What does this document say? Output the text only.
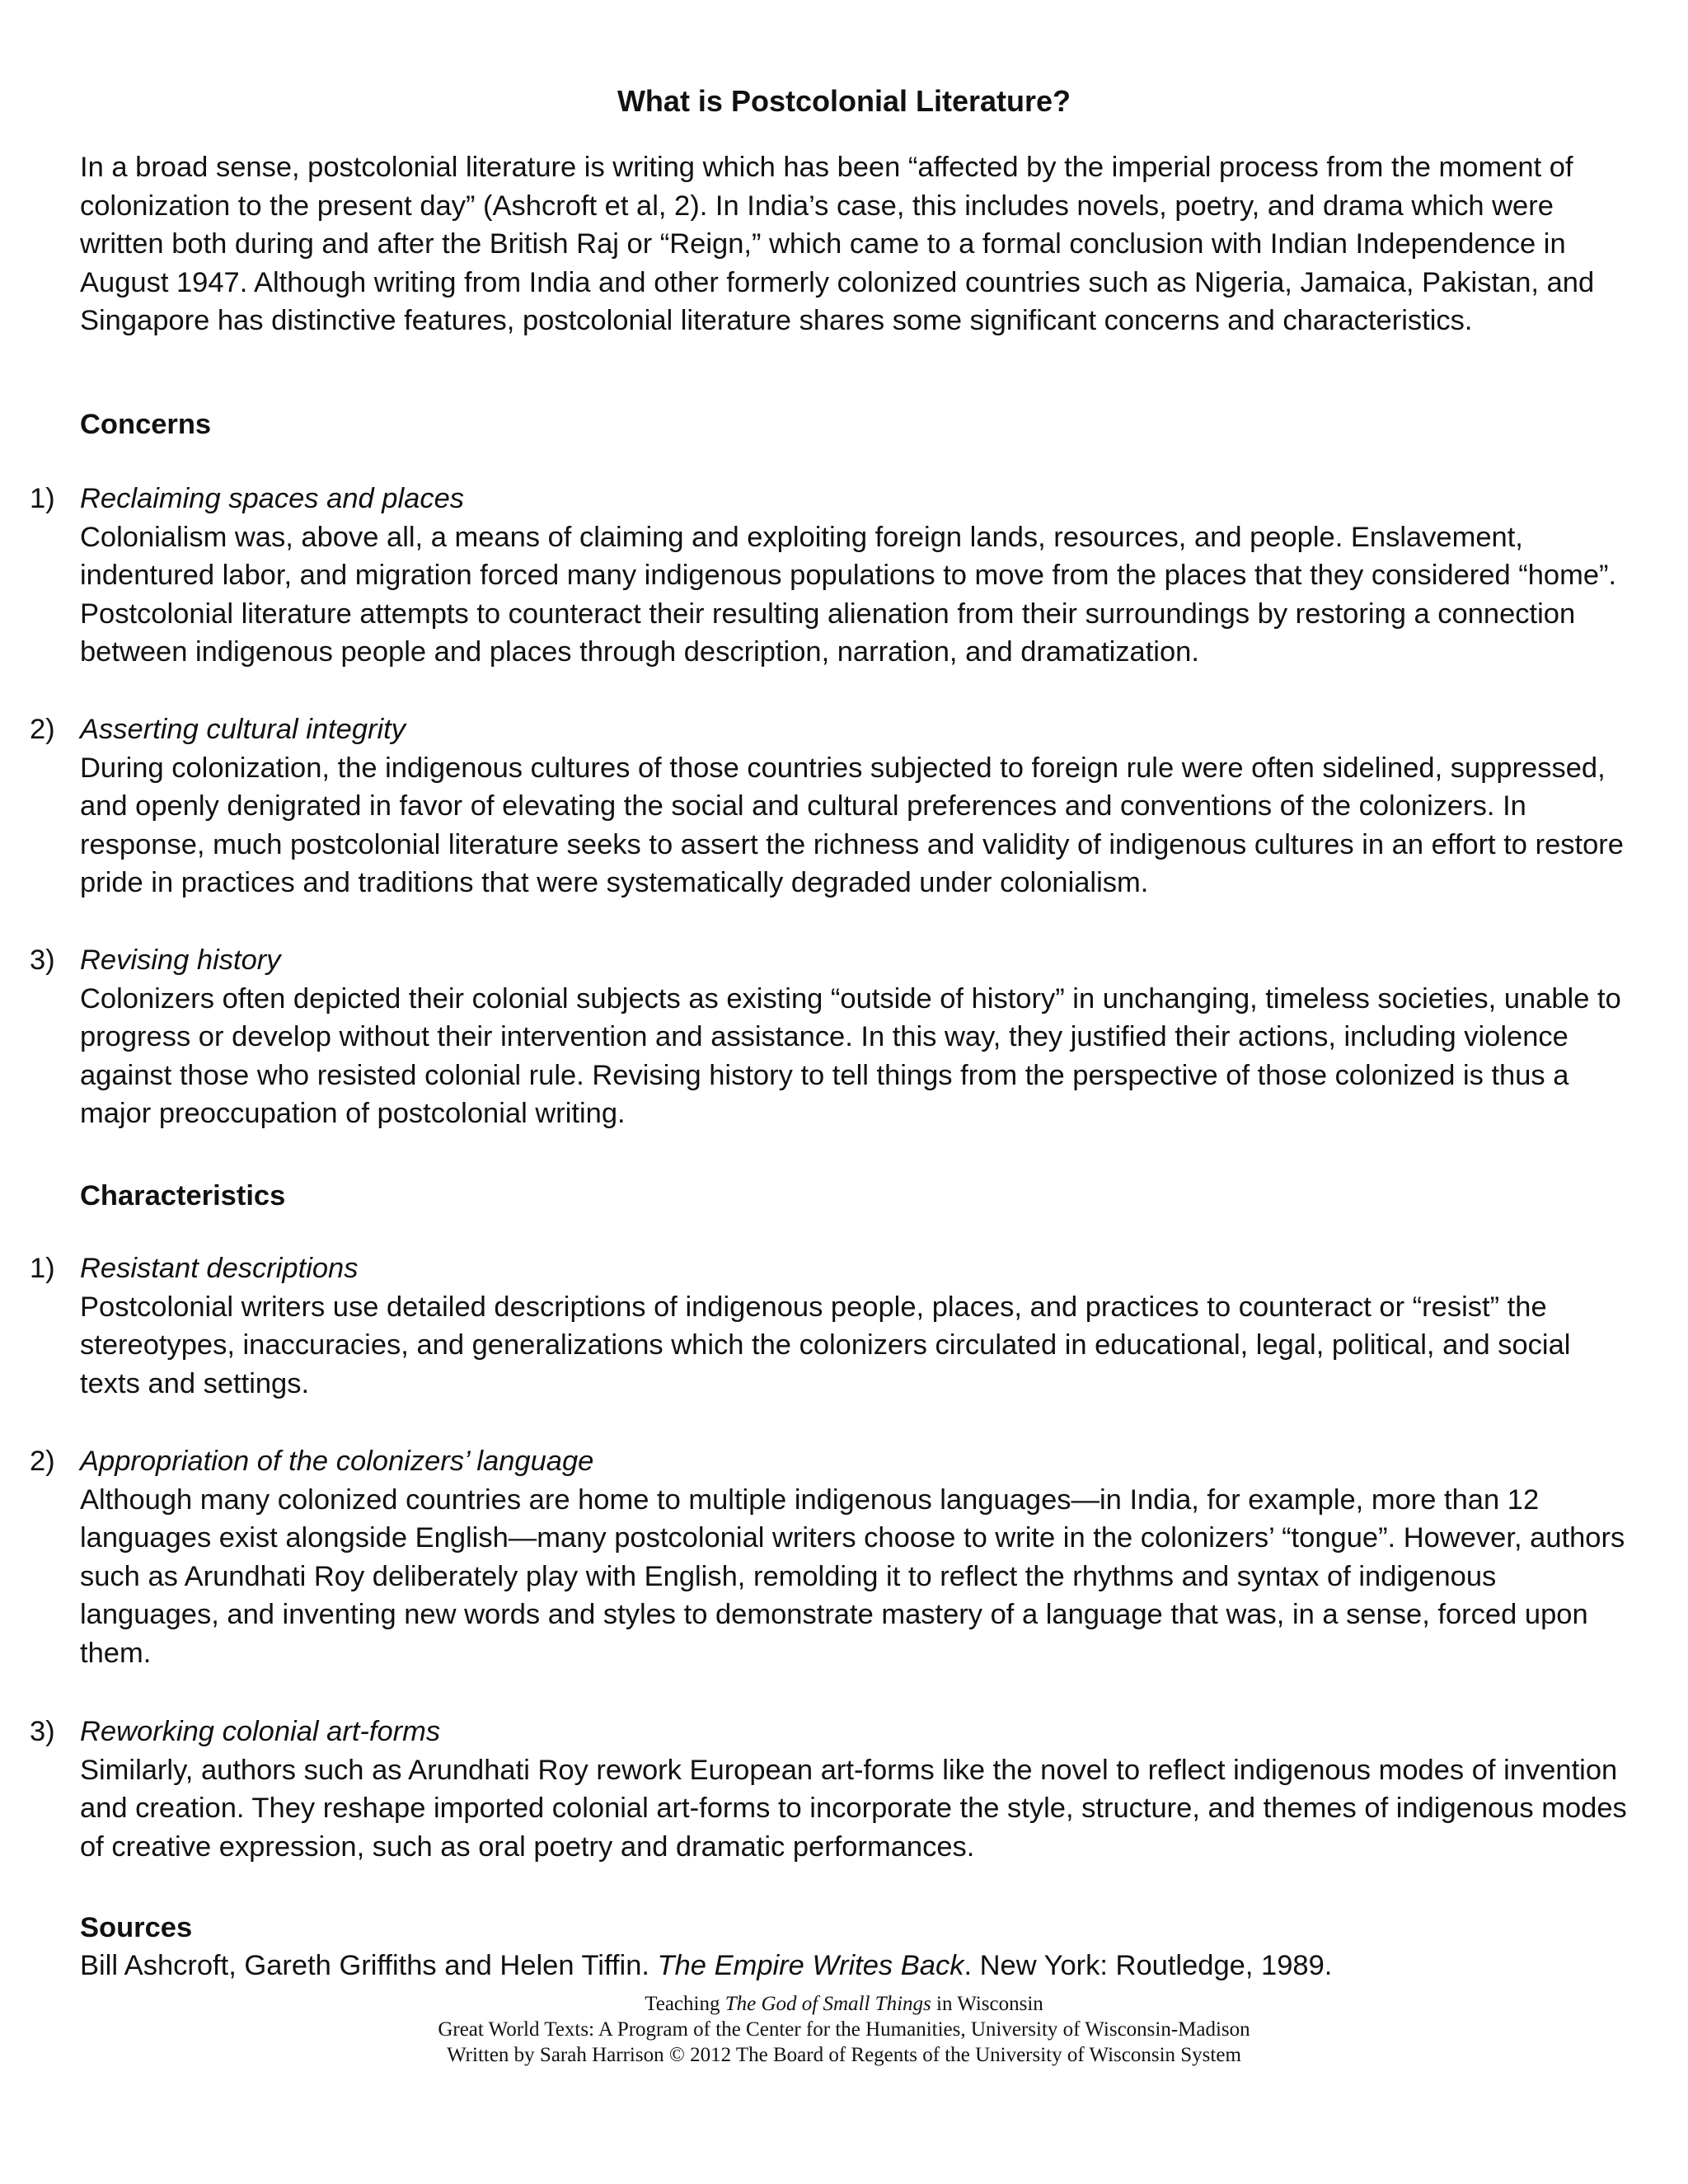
What is Postcolonial Literature?

In a broad sense, postcolonial literature is writing which has been “affected by the imperial process from the moment of colonization to the present day” (Ashcroft et al, 2). In India’s case, this includes novels, poetry, and drama which were written both during and after the British Raj or “Reign,” which came to a formal conclusion with Indian Independence in August 1947. Although writing from India and other formerly colonized countries such as Nigeria, Jamaica, Pakistan, and Singapore has distinctive features, postcolonial literature shares some significant concerns and characteristics.

Concerns
1) Reclaiming spaces and places

Colonialism was, above all, a means of claiming and exploiting foreign lands, resources, and people. Enslavement, indentured labor, and migration forced many indigenous populations to move from the places that they considered “home”. Postcolonial literature attempts to counteract their resulting alienation from their surroundings by restoring a connection between indigenous people and places through description, narration, and dramatization.

2) Asserting cultural integrity

During colonization, the indigenous cultures of those countries subjected to foreign rule were often sidelined, suppressed, and openly denigrated in favor of elevating the social and cultural preferences and conventions of the colonizers. In response, much postcolonial literature seeks to assert the richness and validity of indigenous cultures in an effort to restore pride in practices and traditions that were systematically degraded under colonialism.

3) Revising history

Colonizers often depicted their colonial subjects as existing “outside of history” in unchanging, timeless societies, unable to progress or develop without their intervention and assistance. In this way, they justified their actions, including violence against those who resisted colonial rule. Revising history to tell things from the perspective of those colonized is thus a major preoccupation of postcolonial writing.

Characteristics
1) Resistant descriptions

Postcolonial writers use detailed descriptions of indigenous people, places, and practices to counteract or “resist” the stereotypes, inaccuracies, and generalizations which the colonizers circulated in educational, legal, political, and social texts and settings.

2) Appropriation of the colonizers’ language

Although many colonized countries are home to multiple indigenous languages—in India, for example, more than 12 languages exist alongside English—many postcolonial writers choose to write in the colonizers’ “tongue”. However, authors such as Arundhati Roy deliberately play with English, remolding it to reflect the rhythms and syntax of indigenous languages, and inventing new words and styles to demonstrate mastery of a language that was, in a sense, forced upon them.

3) Reworking colonial art-forms

Similarly, authors such as Arundhati Roy rework European art-forms like the novel to reflect indigenous modes of invention and creation. They reshape imported colonial art-forms to incorporate the style, structure, and themes of indigenous modes of creative expression, such as oral poetry and dramatic performances.

Sources

Bill Ashcroft, Gareth Griffiths and Helen Tiffin. The Empire Writes Back. New York: Routledge, 1989.

Teaching The God of Small Things in Wisconsin
Great World Texts: A Program of the Center for the Humanities, University of Wisconsin-Madison
Written by Sarah Harrison © 2012 The Board of Regents of the University of Wisconsin System
